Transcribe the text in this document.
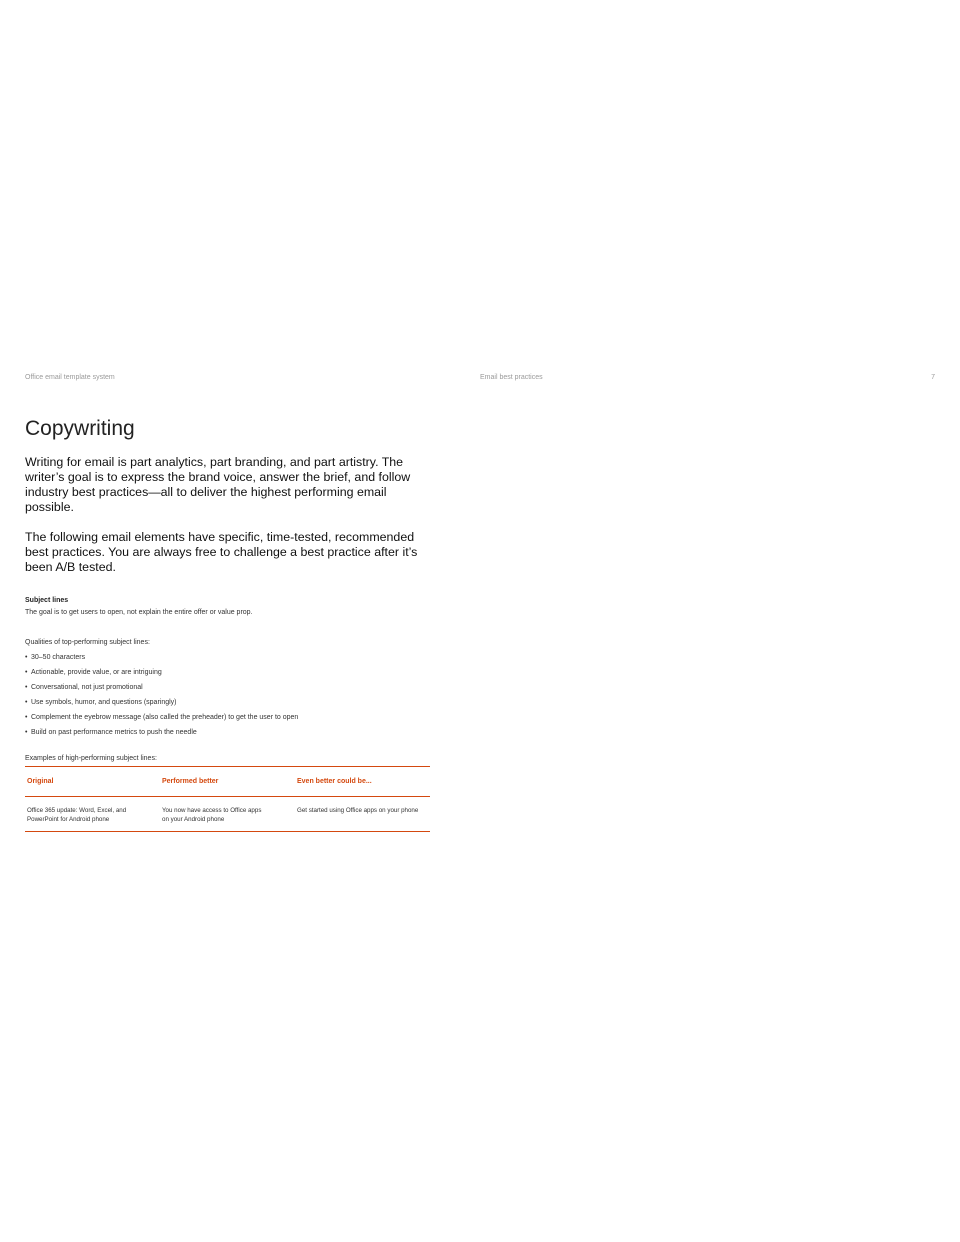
Office email template system	Email best practices	7
Copywriting

Writing for email is part analytics, part branding, and part artistry. The writer’s goal is to express the brand voice, answer the brief, and follow industry best practices—all to deliver the highest performing email possible.

The following email elements have specific, time-tested, recommended best practices. You are always free to challenge a best practice after it’s been A/B tested.

Subject lines
The goal is to get users to open, not explain the entire offer or value prop.
Qualities of top-performing subject lines:
• 30–50 characters
• Actionable, provide value, or are intriguing
• Conversational, not just promotional
• Use symbols, humor, and questions (sparingly)
• Complement the eyebrow message (also called the preheader) to get the user to open
• Build on past performance metrics to push the needle
Examples of high-performing subject lines:
Original	Performed better	Even better could be...

Office 365 update: Word, Excel, and PowerPoint for Android phone	You now have access to Office apps on your Android phone	Get started using Office apps on your phone
